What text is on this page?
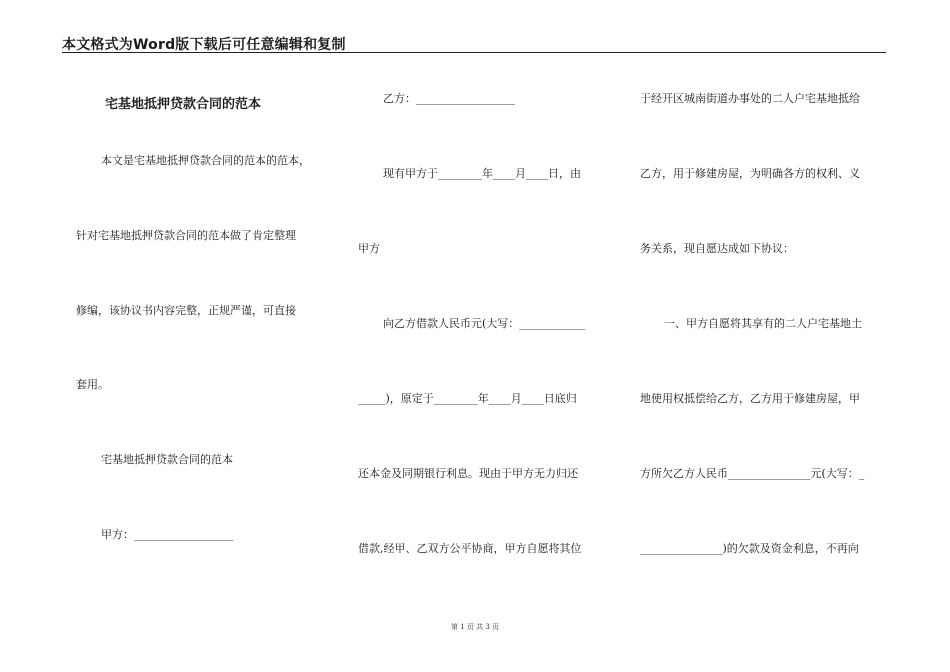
本文格式为Word版下载后可任意编辑和复制
宅基地抵押贷款合同的范本
本文是宅基地抵押贷款合同的范本的范本，
针对宅基地抵押贷款合同的范本做了肯定整理
修编，该协议书内容完整，正规严谨，可直接
套用。
宅基地抵押贷款合同的范本
甲方：__________________
乙方：__________________
现有甲方于________年____月____日，由
甲方
向乙方借款人民币元(大写：____________
_____)，原定于________年____月____日底归
还本金及同期银行利息。现由于甲方无力归还
借款,经甲、乙双方公平协商，甲方自愿将其位
于经开区城南街道办事处的二人户宅基地抵给
乙方，用于修建房屋，为明确各方的权利、义
务关系，现自愿达成如下协议：
一、甲方自愿将其享有的二人户宅基地土
地使用权抵偿给乙方，乙方用于修建房屋，甲
方所欠乙方人民币_______________元(大写：_
_______________)的欠款及资金利息，不再向
第 1 页 共 3 页
